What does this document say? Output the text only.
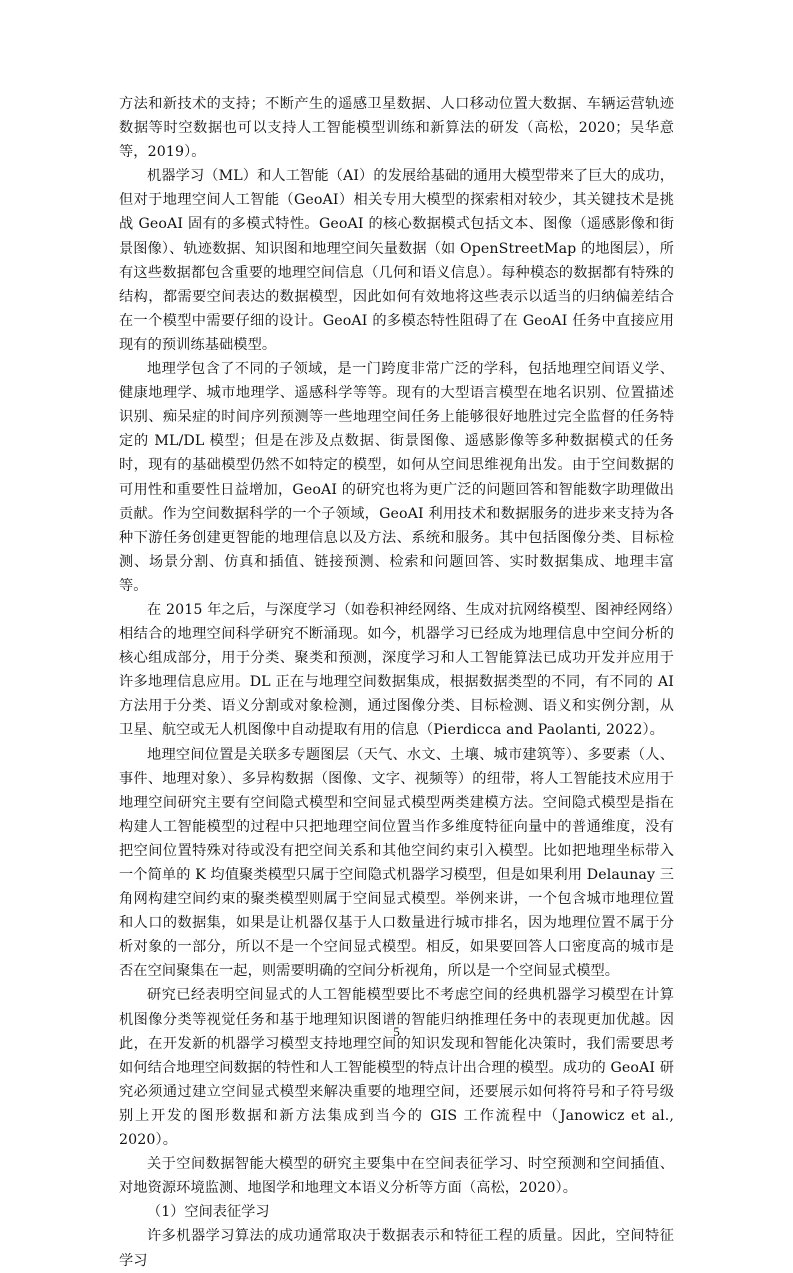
方法和新技术的支持；不断产生的遥感卫星数据、人口移动位置大数据、车辆运营轨迹数据等时空数据也可以支持人工智能模型训练和新算法的研发（高松，2020；吴华意等，2019）。

机器学习（ML）和人工智能（AI）的发展给基础的通用大模型带来了巨大的成功，但对于地理空间人工智能（GeoAI）相关专用大模型的探索相对较少，其关键技术是挑战 GeoAI 固有的多模式特性。GeoAI 的核心数据模式包括文本、图像（遥感影像和街景图像）、轨迹数据、知识图和地理空间矢量数据（如 OpenStreetMap 的地图层），所有这些数据都包含重要的地理空间信息（几何和语义信息）。每种模态的数据都有特殊的结构，都需要空间表达的数据模型，因此如何有效地将这些表示以适当的归纳偏差结合在一个模型中需要仔细的设计。GeoAI 的多模态特性阻碍了在 GeoAI 任务中直接应用现有的预训练基础模型。

地理学包含了不同的子领域，是一门跨度非常广泛的学科，包括地理空间语义学、健康地理学、城市地理学、遥感科学等等。现有的大型语言模型在地名识别、位置描述识别、痴呆症的时间序列预测等一些地理空间任务上能够很好地胜过完全监督的任务特定的 ML/DL 模型；但是在涉及点数据、街景图像、遥感影像等多种数据模式的任务时，现有的基础模型仍然不如特定的模型，如何从空间思维视角出发。由于空间数据的可用性和重要性日益增加，GeoAI 的研究也将为更广泛的问题回答和智能数字助理做出贡献。作为空间数据科学的一个子领域，GeoAI 利用技术和数据服务的进步来支持为各种下游任务创建更智能的地理信息以及方法、系统和服务。其中包括图像分类、目标检测、场景分割、仿真和插值、链接预测、检索和问题回答、实时数据集成、地理丰富等。

在 2015 年之后，与深度学习（如卷积神经网络、生成对抗网络模型、图神经网络）相结合的地理空间科学研究不断涌现。如今，机器学习已经成为地理信息中空间分析的核心组成部分，用于分类、聚类和预测，深度学习和人工智能算法已成功开发并应用于许多地理信息应用。DL 正在与地理空间数据集成，根据数据类型的不同，有不同的 AI 方法用于分类、语义分割或对象检测，通过图像分类、目标检测、语义和实例分割，从卫星、航空或无人机图像中自动提取有用的信息（Pierdicca and Paolanti, 2022）。

地理空间位置是关联多专题图层（天气、水文、土壤、城市建筑等）、多要素（人、事件、地理对象）、多异构数据（图像、文字、视频等）的纽带，将人工智能技术应用于地理空间研究主要有空间隐式模型和空间显式模型两类建模方法。空间隐式模型是指在构建人工智能模型的过程中只把地理空间位置当作多维度特征向量中的普通维度，没有把空间位置特殊对待或没有把空间关系和其他空间约束引入模型。比如把地理坐标带入一个简单的 K 均值聚类模型只属于空间隐式机器学习模型，但是如果利用 Delaunay 三角网构建空间约束的聚类模型则属于空间显式模型。举例来讲，一个包含城市地理位置和人口的数据集，如果是让机器仅基于人口数量进行城市排名，因为地理位置不属于分析对象的一部分，所以不是一个空间显式模型。相反，如果要回答人口密度高的城市是否在空间聚集在一起，则需要明确的空间分析视角，所以是一个空间显式模型。

研究已经表明空间显式的人工智能模型要比不考虑空间的经典机器学习模型在计算机图像分类等视觉任务和基于地理知识图谱的智能归纳推理任务中的表现更加优越。因此，在开发新的机器学习模型支持地理空间的知识发现和智能化决策时，我们需要思考如何结合地理空间数据的特性和人工智能模型的特点计出合理的模型。成功的 GeoAI 研究必须通过建立空间显式模型来解决重要的地理空间，还要展示如何将符号和子符号级别上开发的图形数据和新方法集成到当今的 GIS 工作流程中（Janowicz et al., 2020）。

关于空间数据智能大模型的研究主要集中在空间表征学习、时空预测和空间插值、对地资源环境监测、地图学和地理文本语义分析等方面（高松，2020）。

（1）空间表征学习

许多机器学习算法的成功通常取决于数据表示和特征工程的质量。因此，空间特征学习

5
